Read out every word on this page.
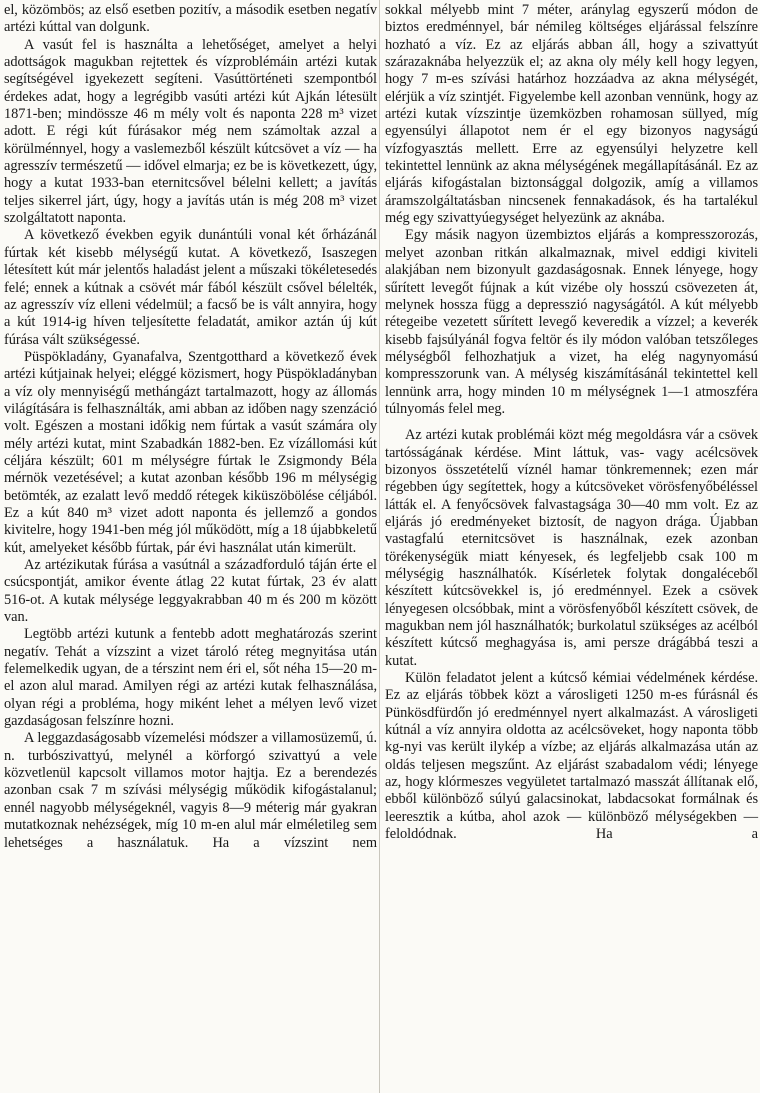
el, közömbös; az első esetben pozitív, a második esetben negatív artézi kúttal van dolgunk.

A vasút fel is használta a lehetőséget, amelyet a helyi adottságok magukban rejtettek és vízproblémáin artézi kutak segítségével igyekezett segíteni. Vasúttörténeti szempontból érdekes adat, hogy a legrégibb vasúti artézi kút Ajkán létesült 1871-ben; mindössze 46 m mély volt és naponta 228 m³ vizet adott. E régi kút fúrásakor még nem számoltak azzal a körülménnyel, hogy a vaslemezből készült kútcsövet a víz — ha agresszív természetű — idővel elmarja; ez be is következett, úgy, hogy a kutat 1933-ban eternitcsővel bélelni kellett; a javítás teljes sikerrel járt, úgy, hogy a javítás után is még 208 m³ vizet szolgáltatott naponta.

A következő években egyik dunántúli vonal két őrházánál fúrtak két kisebb mélységű kutat. A következő, Isaszegen létesített kút már jelentős haladást jelent a műszaki tökéletesedés felé; ennek a kútnak a csövét már fából készült csővel bélelték, az agresszív víz elleni védelmül; a facső be is vált annyira, hogy a kút 1914-ig híven teljesítette feladatát, amikor aztán új kút fúrása vált szükségessé.

Püspökladány, Gyanafalva, Szentgotthard a következő évek artézi kútjainak helyei; eléggé közismert, hogy Püspökladányban a víz oly mennyiségű methángázt tartalmazott, hogy az állomás világítására is felhasználták, ami abban az időben nagy szenzáció volt. Egészen a mostani időkig nem fúrtak a vasút számára oly mély artézi kutat, mint Szabadkán 1882-ben. Ez vízállomási kút céljára készült; 601 m mélységre fúrtak le Zsigmondy Béla mérnök vezetésével; a kutat azonban később 196 m mélységig betömték, az ezalatt levő meddő rétegek kiküszöbölése céljából. Ez a kút 840 m³ vizet adott naponta és jellemző a gondos kivitelre, hogy 1941-ben még jól működött, míg a 18 újabbkeletű kút, amelyeket később fúrtak, pár évi használat után kimerült.

Az artézikutak fúrása a vasútnál a századforduló táján érte el csúcspontját, amikor évente átlag 22 kutat fúrtak, 23 év alatt 516-ot. A kutak mélysége leggyakrabban 40 m és 200 m között van.

Legtöbb artézi kutunk a fentebb adott meghatározás szerint negatív. Tehát a vízszint a vizet tároló réteg megnyitása után felemelkedik ugyan, de a térszint nem éri el, sőt néha 15—20 m-el azon alul marad. Amilyen régi az artézi kutak felhasználása, olyan régi a probléma, hogy miként lehet a mélyen levő vizet gazdaságosan felszínre hozni.

A leggazdaságosabb vízemelési módszer a villamosüzemű, ú. n. turbószivattyú, melynél a körforgó szivattyú a vele közvetlenül kapcsolt villamos motor hajtja. Ez a berendezés azonban csak 7 m szívási mélységig működik kifogástalanul; ennél nagyobb mélységeknél, vagyis 8—9 méterig már gyakran mutatkoznak nehézségek, míg 10 m-en alul már elméletileg sem lehetséges a használatuk. Ha a vízszint nem

sokkal mélyebb mint 7 méter, aránylag egyszerű módon de biztos eredménnyel, bár némileg költséges eljárással felszínre hozható a víz. Ez az eljárás abban áll, hogy a szivattyút szárazaknába helyezzük el; az akna oly mély kell hogy legyen, hogy 7 m-es szívási határhoz hozzáadva az akna mélységét, elérjük a víz szintjét. Figyelembe kell azonban vennünk, hogy az artézi kutak vízszintje üzemközben rohamosan süllyed, míg egyensúlyi állapotot nem ér el egy bizonyos nagyságú vízfogyasztás mellett. Erre az egyensúlyi helyzetre kell tekintettel lennünk az akna mélységének megállapításánál. Ez az eljárás kifogástalan biztonsággal dolgozik, amíg a villamos áramszolgáltatásban nincsenek fennakadások, és ha tartalékul még egy szivattyúegységet helyezünk az aknába.

Egy másik nagyon üzembiztos eljárás a kompresszorozás, melyet azonban ritkán alkalmaznak, mivel eddigi kiviteli alakjában nem bizonyult gazdaságosnak. Ennek lényege, hogy sűrített levegőt fújnak a kút vizébe oly hosszú csövezeten át, melynek hossza függ a depresszió nagyságától. A kút mélyebb rétegeibe vezetett sűrített levegő keveredik a vízzel; a keverék kisebb fajsúlyánál fogva feltör és ily módon valóban tetszőleges mélységből felhozhatjuk a vizet, ha elég nagynyomású kompresszorunk van. A mélység kiszámításánál tekintettel kell lennünk arra, hogy minden 10 m mélységnek 1—1 atmoszféra túlnyomás felel meg.

Az artézi kutak problémái közt még megoldásra vár a csövek tartósságának kérdése. Mint láttuk, vas- vagy acélcsövek bizonyos összetételű víznél hamar tönkremennek; ezen már régebben úgy segítettek, hogy a kútcsöveket vörösfenyőbéléssel látták el. A fenyőcsövek falvastagsága 30—40 mm volt. Ez az eljárás jó eredményeket biztosít, de nagyon drága. Újabban vastagfalú eternitcsövet is használnak, ezek azonban törékenységük miatt kényesek, és legfeljebb csak 100 m mélységig használhatók. Kísérletek folytak dongaléceből készített kútcsövekkel is, jó eredménnyel. Ezek a csövek lényegesen olcsóbbak, mint a vörösfenyőből készített csövek, de magukban nem jól használhatók; burkolatul szükséges az acélból készített kútcső meghagyása is, ami persze drágábbá teszi a kutat.

Külön feladatot jelent a kútcső kémiai védelmének kérdése. Ez az eljárás többek közt a városligeti 1250 m-es fúrásnál és Pünkösdfürdőn jó eredménnyel nyert alkalmazást. A városligeti kútnál a víz annyira oldotta az acélcsöveket, hogy naponta több kg-nyi vas került ilykép a vízbe; az eljárás alkalmazása után az oldás teljesen megszűnt. Az eljárást szabadalom védi; lényege az, hogy klórmeszes vegyületet tartalmazó masszát állítanak elő, ebből különböző súlyú galacsinokat, labdacsokat formálnak és leeresztik a kútba, ahol azok — különböző mélységekben — feloldódnak. Ha a
